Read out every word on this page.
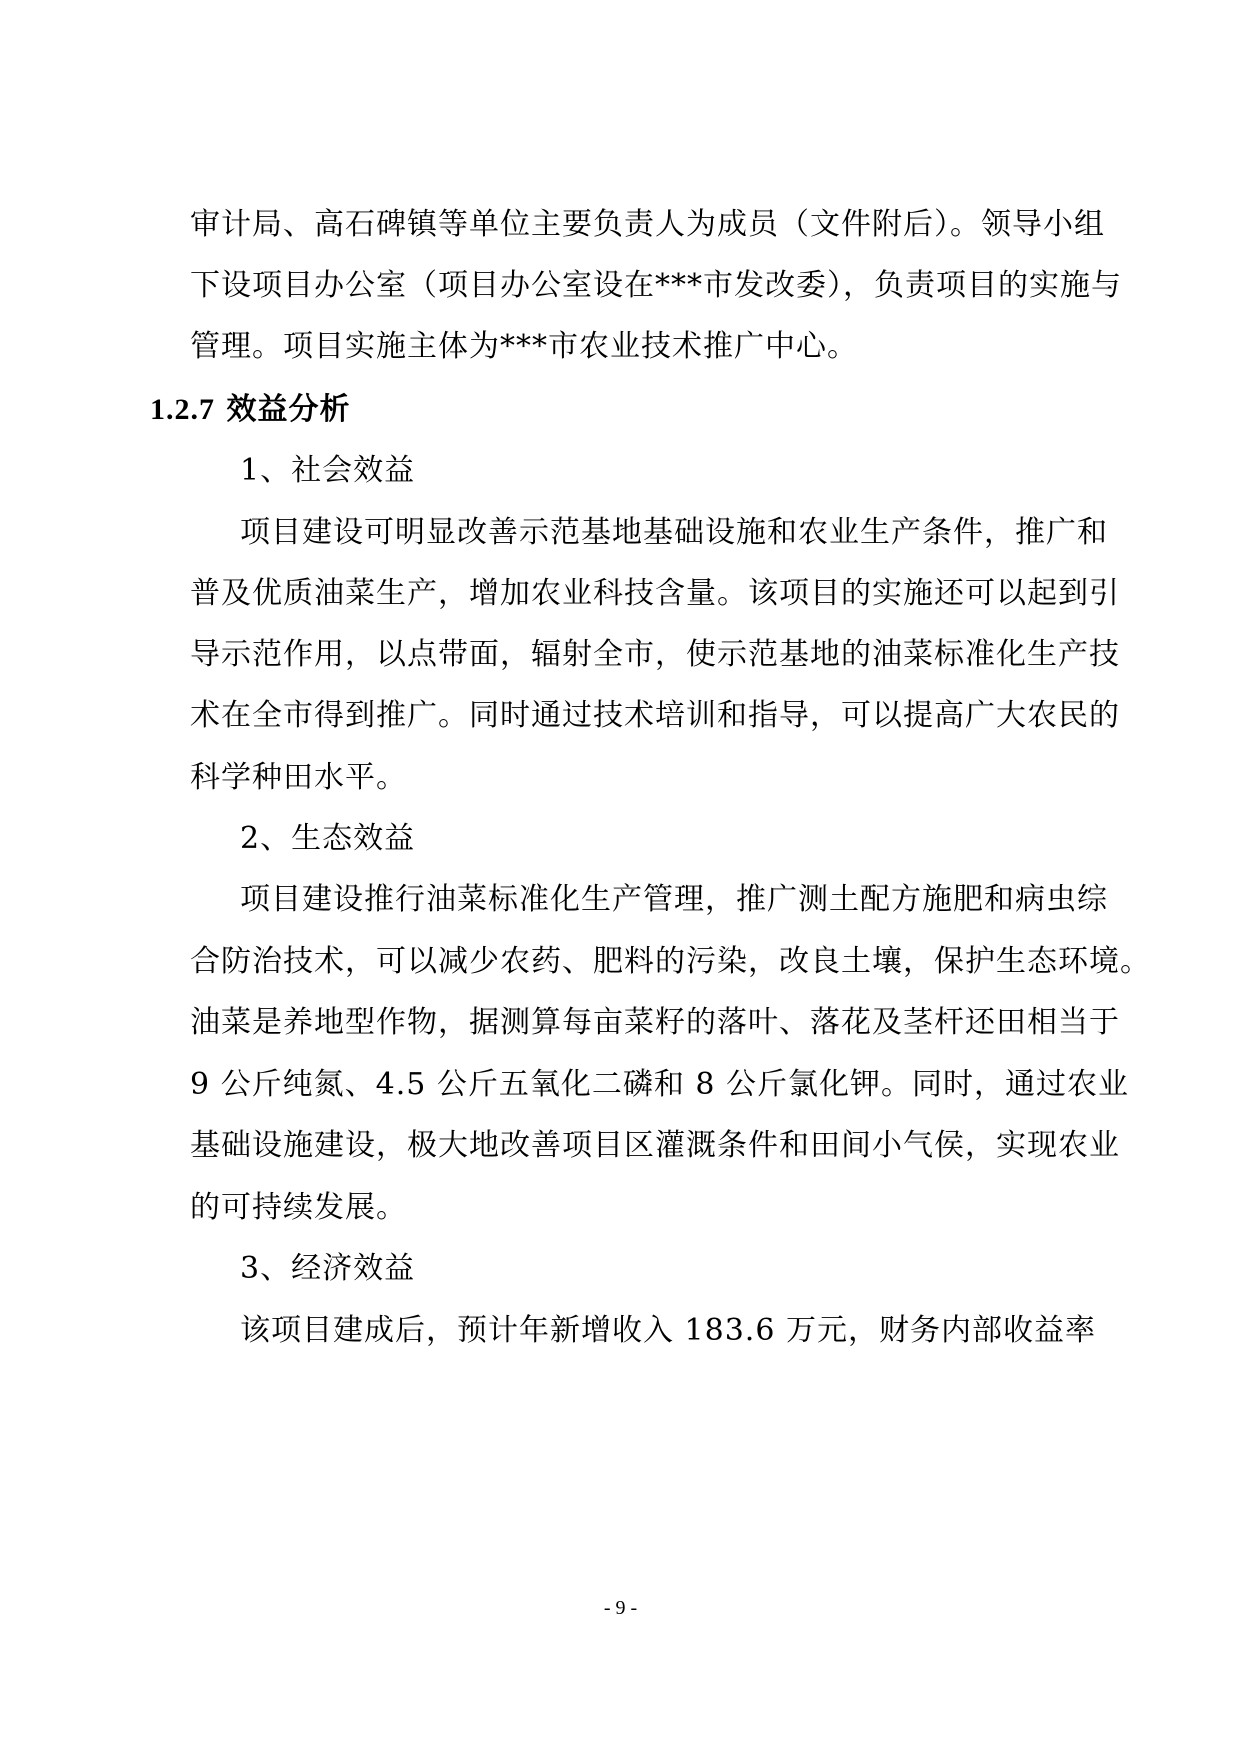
审计局、高石碑镇等单位主要负责人为成员（文件附后）。领导小组
下设项目办公室（项目办公室设在***市发改委），负责项目的实施与
管理。项目实施主体为***市农业技术推广中心。
1.2.7 效益分析
1、社会效益
项目建设可明显改善示范基地基础设施和农业生产条件，推广和
普及优质油菜生产，增加农业科技含量。该项目的实施还可以起到引
导示范作用，以点带面，辐射全市，使示范基地的油菜标准化生产技
术在全市得到推广。同时通过技术培训和指导，可以提高广大农民的
科学种田水平。
2、生态效益
项目建设推行油菜标准化生产管理，推广测土配方施肥和病虫综
合防治技术，可以减少农药、肥料的污染，改良土壤，保护生态环境。
油菜是养地型作物，据测算每亩菜籽的落叶、落花及茎杆还田相当于
9 公斤纯氮、4.5 公斤五氧化二磷和 8 公斤氯化钾。同时，通过农业
基础设施建设，极大地改善项目区灌溉条件和田间小气侯，实现农业
的可持续发展。
3、经济效益
该项目建成后，预计年新增收入 183.6 万元，财务内部收益率
- 9 -
